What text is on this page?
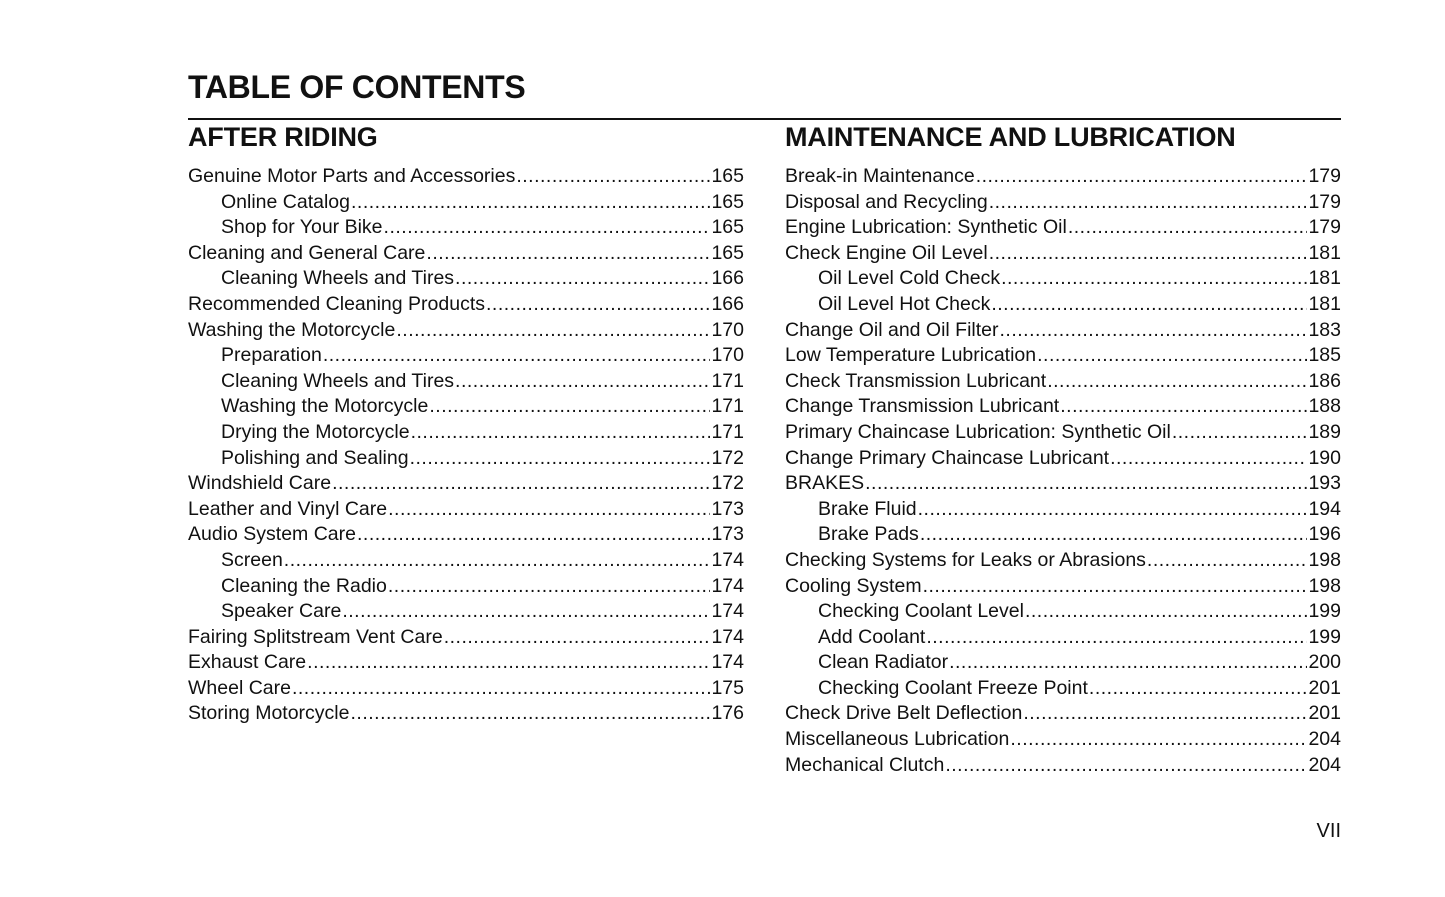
TABLE OF CONTENTS
AFTER RIDING
Genuine Motor Parts and Accessories .....	165
Online Catalog .....	165
Shop for Your Bike .....	165
Cleaning and General Care .....	165
Cleaning Wheels and Tires .....	166
Recommended Cleaning Products .....	166
Washing the Motorcycle .....	170
Preparation .....	170
Cleaning Wheels and Tires .....	171
Washing the Motorcycle .....	171
Drying the Motorcycle .....	171
Polishing and Sealing .....	172
Windshield Care .....	172
Leather and Vinyl Care .....	173
Audio System Care .....	173
Screen .....	174
Cleaning the Radio .....	174
Speaker Care .....	174
Fairing Splitstream Vent Care .....	174
Exhaust Care .....	174
Wheel Care .....	175
Storing Motorcycle .....	176
MAINTENANCE AND LUBRICATION
Break-in Maintenance .....	179
Disposal and Recycling .....	179
Engine Lubrication: Synthetic Oil .....	179
Check Engine Oil Level .....	181
Oil Level Cold Check .....	181
Oil Level Hot Check .....	181
Change Oil and Oil Filter .....	183
Low Temperature Lubrication .....	185
Check Transmission Lubricant .....	186
Change Transmission Lubricant .....	188
Primary Chaincase Lubrication: Synthetic Oil .....	189
Change Primary Chaincase Lubricant .....	190
BRAKES .....	193
Brake Fluid .....	194
Brake Pads .....	196
Checking Systems for Leaks or Abrasions .....	198
Cooling System .....	198
Checking Coolant Level .....	199
Add Coolant .....	199
Clean Radiator .....	200
Checking Coolant Freeze Point .....	201
Check Drive Belt Deflection .....	201
Miscellaneous Lubrication .....	204
Mechanical Clutch .....	204
VII
